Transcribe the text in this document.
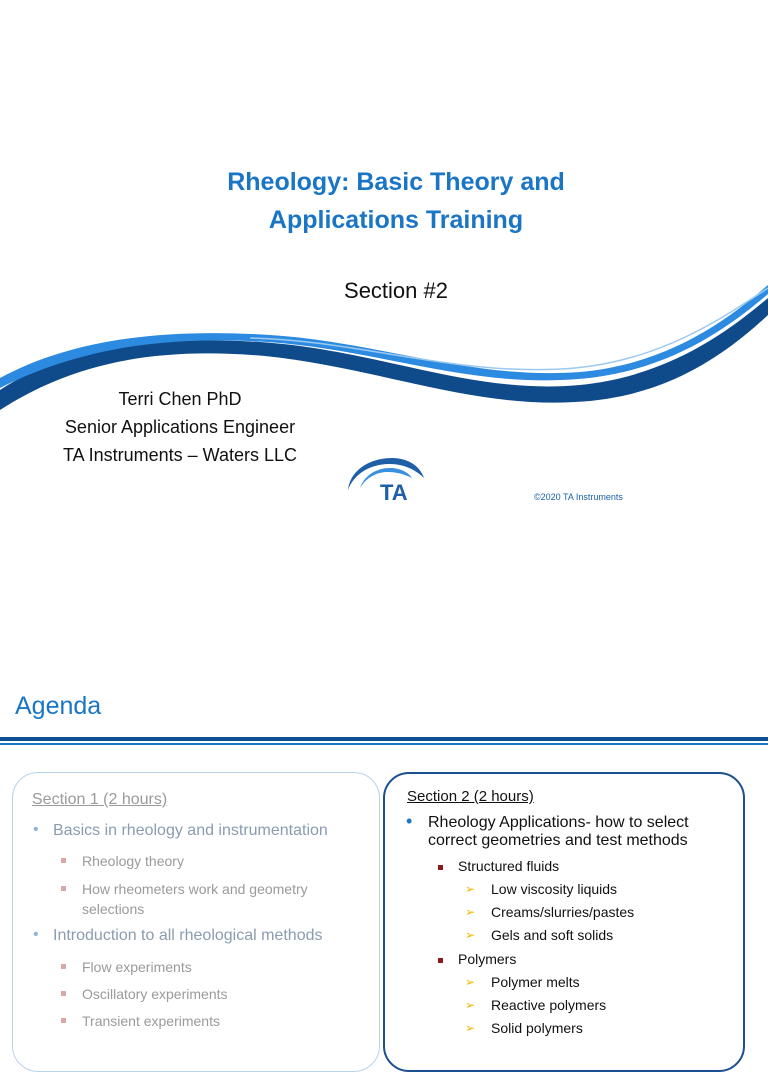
Rheology: Basic Theory and
Applications Training
Section #2
Terri Chen PhD
Senior Applications Engineer
TA Instruments – Waters LLC
TA	©2020 TA Instruments
Agenda
Section 1 (2 hours)
• Basics in rheology and instrumentation
Rheology theory
How rheometers work and geometry
selections
• Introduction to all rheological methods
Flow experiments
Oscillatory experiments
Transient experiments
Section 2 (2 hours)
• Rheology Applications- how to select
correct geometries and test methods
Structured fluids
➢ Low viscosity liquids
➢ Creams/slurries/pastes
➢ Gels and soft solids
Polymers
➢ Polymer melts
➢ Reactive polymers
➢ Solid polymers
